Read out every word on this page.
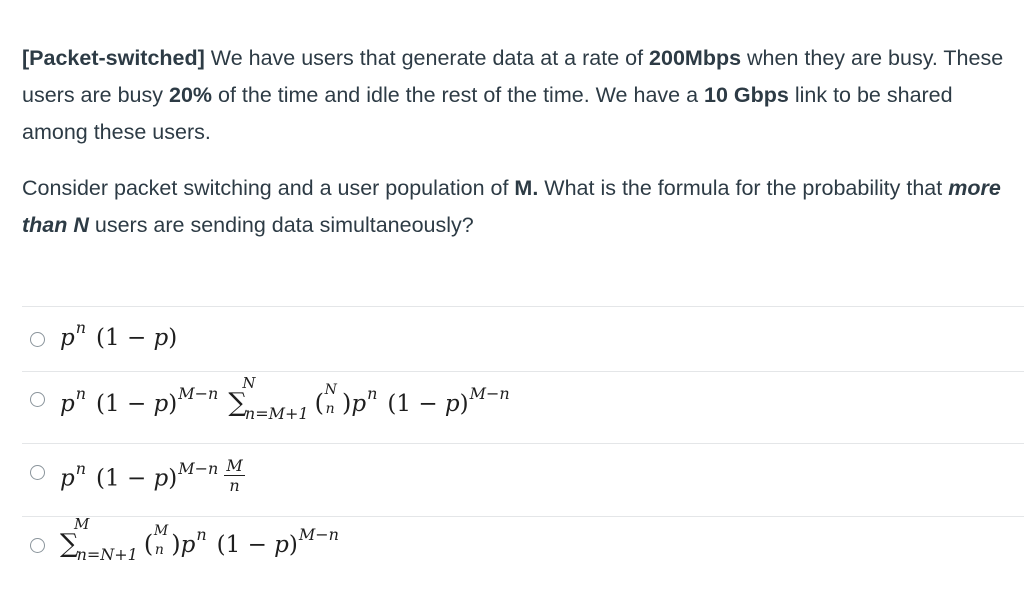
[Packet-switched] We have users that generate data at a rate of 200Mbps when they are busy. These users are busy 20% of the time and idle the rest of the time. We have a 10 Gbps link to be shared among these users.

Consider packet switching and a user population of M. What is the formula for the probability that more than N users are sending data simultaneously?

$p^n$ (1 − p)
$p^n$ $(1 - p)^{M-n}$ ∑
N
$_{n=M+1}$ ( )
N
n $p^n$ $(1 - p)^{M-n}$
$p^n$ $(1 - p)^{M-n} \frac{M}{n}$
∑
M
$_{n=N+1}$ ( )
M
n $p^n$ $(1 - p)^{M-n}$
